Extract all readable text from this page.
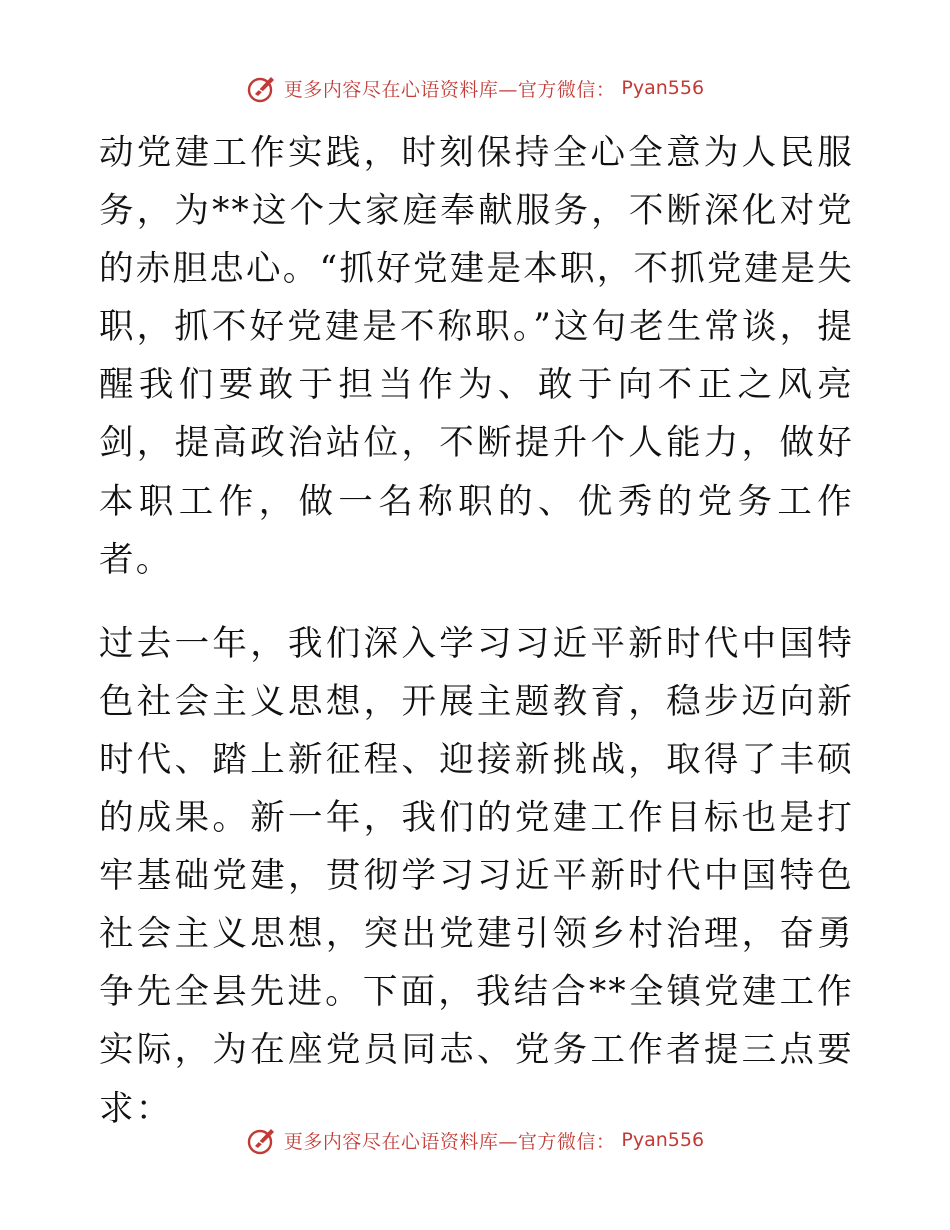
更多内容尽在心语资料库—官方微信： Pyan556

动党建工作实践，时刻保持全心全意为人民服务，为**这个大家庭奉献服务，不断深化对党的赤胆忠心。“抓好党建是本职，不抓党建是失职，抓不好党建是不称职。”这句老生常谈，提醒我们要敢于担当作为、敢于向不正之风亮剑，提高政治站位，不断提升个人能力，做好本职工作，做一名称职的、优秀的党务工作者。

过去一年，我们深入学习习近平新时代中国特色社会主义思想，开展主题教育，稳步迈向新时代、踏上新征程、迎接新挑战，取得了丰硕的成果。新一年，我们的党建工作目标也是打牢基础党建，贯彻学习习近平新时代中国特色社会主义思想，突出党建引领乡村治理，奋勇争先全县先进。下面，我结合**全镇党建工作实际，为在座党员同志、党务工作者提三点要求：

更多内容尽在心语资料库—官方微信： Pyan556
